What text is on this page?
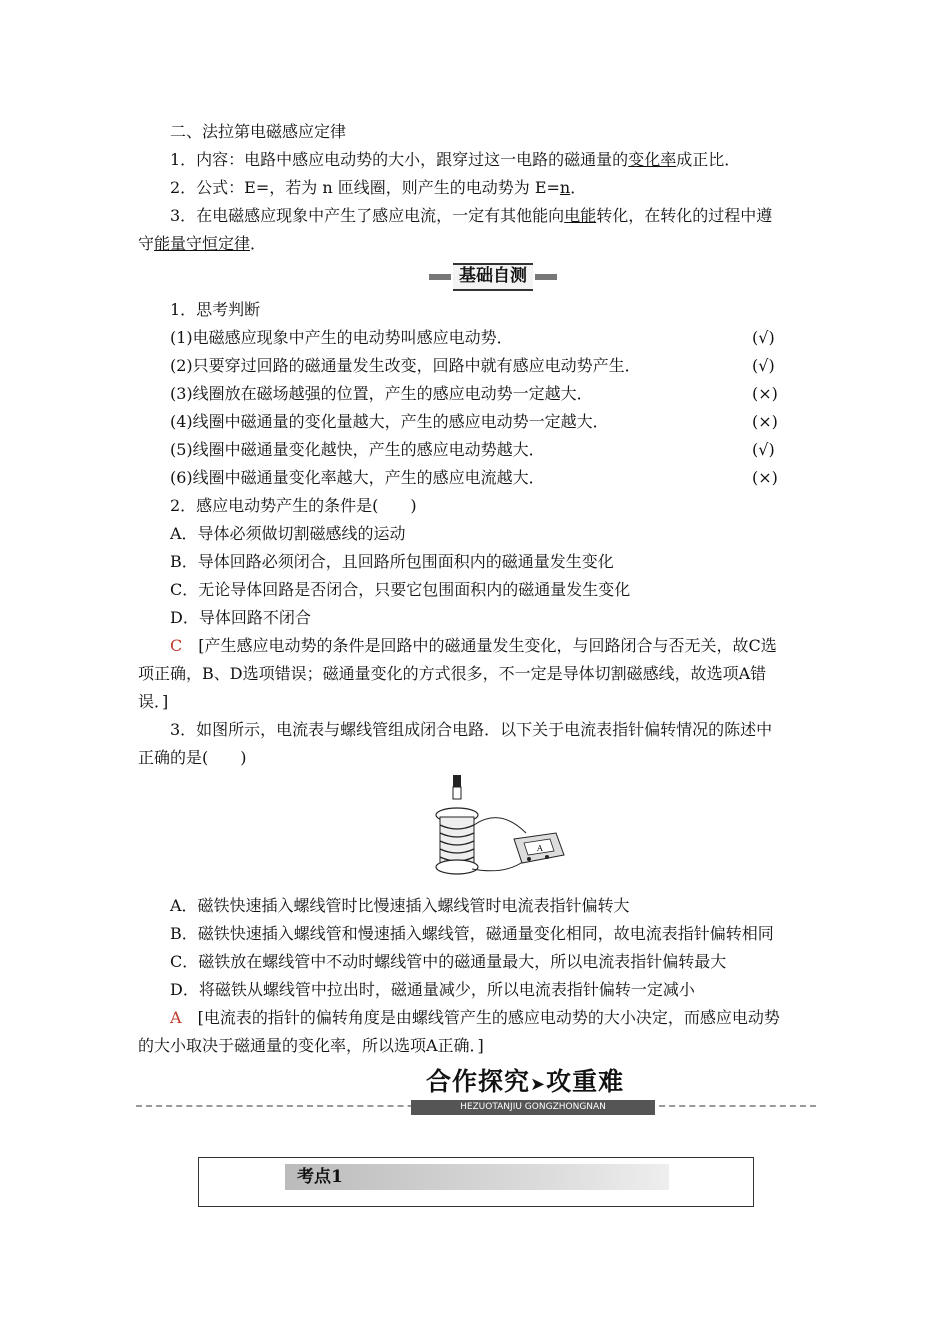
二、法拉第电磁感应定律
1．内容：电路中感应电动势的大小，跟穿过这一电路的磁通量的变化率成正比．
2．公式：E=，若为 n 匝线圈，则产生的电动势为 E=n．
3．在电磁感应现象中产生了感应电流，一定有其他能向电能转化，在转化的过程中遵
守能量守恒定律．
基础自测
1．思考判断
(1)电磁感应现象中产生的电动势叫感应电动势．	(√)
(2)只要穿过回路的磁通量发生改变，回路中就有感应电动势产生．	(√)
(3)线圈放在磁场越强的位置，产生的感应电动势一定越大．	(×)
(4)线圈中磁通量的变化量越大，产生的感应电动势一定越大．	(×)
(5)线圈中磁通量变化越快，产生的感应电动势越大．	(√)
(6)线圈中磁通量变化率越大，产生的感应电流越大．	(×)
2．感应电动势产生的条件是(　　)
A．导体必须做切割磁感线的运动
B．导体回路必须闭合，且回路所包围面积内的磁通量发生变化
C．无论导体回路是否闭合，只要它包围面积内的磁通量发生变化
D．导体回路不闭合
C　 [产生感应电动势的条件是回路中的磁通量发生变化，与回路闭合与否无关，故C选
项正确，B、D选项错误；磁通量变化的方式很多，不一定是导体切割磁感线，故选项A错
误．]
3．如图所示，电流表与螺线管组成闭合电路．以下关于电流表指针偏转情况的陈述中
正确的是(　　)
A
A．磁铁快速插入螺线管时比慢速插入螺线管时电流表指针偏转大
B．磁铁快速插入螺线管和慢速插入螺线管，磁通量变化相同，故电流表指针偏转相同
C．磁铁放在螺线管中不动时螺线管中的磁通量最大，所以电流表指针偏转最大
D．将磁铁从螺线管中拉出时，磁通量减少，所以电流表指针偏转一定减小
A　 [电流表的指针的偏转角度是由螺线管产生的感应电动势的大小决定，而感应电动势
的大小取决于磁通量的变化率，所以选项A正确．]
合作探究➤攻重难
HEZUOTANJIU GONGZHONGNAN
考点1
